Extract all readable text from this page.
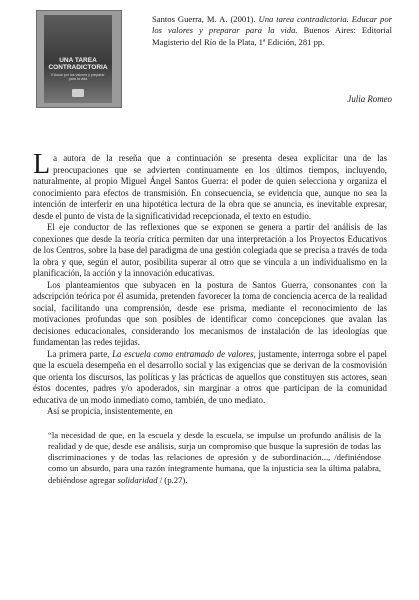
UNA TAREA CONTRADICTORIA
Educar por los valores y preparar para la vida
Santos Guerra, M. A. (2001). Una tarea contradictoria. Educar por los valores y preparar para la vida. Buenos Aires: Editorial Magisterio del Río de la Plata, 1ª Edición, 281 pp.
Julia Romeo

La autora de la reseña que a continuación se presenta desea explicitar una de las preocupaciones que se advierten continuamente en los últimos tiempos, incluyendo, naturalmente, al propio Miguel Ángel Santos Guerra: el poder de quien selecciona y organiza el conocimiento para efectos de transmisión. En consecuencia, se evidencia que, aunque no sea la intención de interferir en una hipotética lectura de la obra que se anuncia, es inevitable expresar, desde el punto de vista de la significatividad recepcionada, el texto en estudio.

El eje conductor de las reflexiones que se exponen se genera a partir del análisis de las conexiones que desde la teoría crítica permiten dar una interpretación a los Proyectos Educativos de los Centros, sobre la base del paradigma de una gestión colegiada que se precisa a través de toda la obra y que, según el autor, posibilita superar al otro que se vincula a un individualismo en la planificación, la acción y la innovación educativas.

Los planteamientos que subyacen en la postura de Santos Guerra, consonantes con la adscripción teórica por él asumida, pretenden favorecer la toma de conciencia acerca de la realidad social, facilitando una comprensión, desde ese prisma, mediante el reconocimiento de las motivaciones profundas que son posibles de identificar como concepciones que avalan las decisiones educacionales, considerando los mecanismos de instalación de las ideologías que fundamentan las redes tejidas.

La primera parte, La escuela como entramado de valores, justamente, interroga sobre el papel que la escuela desempeña en el desarrollo social y las exigencias que se derivan de la cosmovisión que orienta los discursos, las políticas y las prácticas de aquellos que constituyen sus actores, sean éstos docentes, padres y/o apoderados, sin marginar a otros que participan de la comunidad educativa de un modo inmediato como, también, de uno mediato.

Así se propicia, insistentemente, en

“la necesidad de que, en la escuela y desde la escuela, se impulse un profundo análisis de la realidad y de que, desde ese análisis, surja un compromiso que busque la supresión de todas las discriminaciones y de todas las relaciones de opresión y de subordinación..., /definiéndose como un absurdo, para una razón íntegramente humana, que la injusticia sea la última palabra, debiéndose agregar solidaridad / (p.27).
